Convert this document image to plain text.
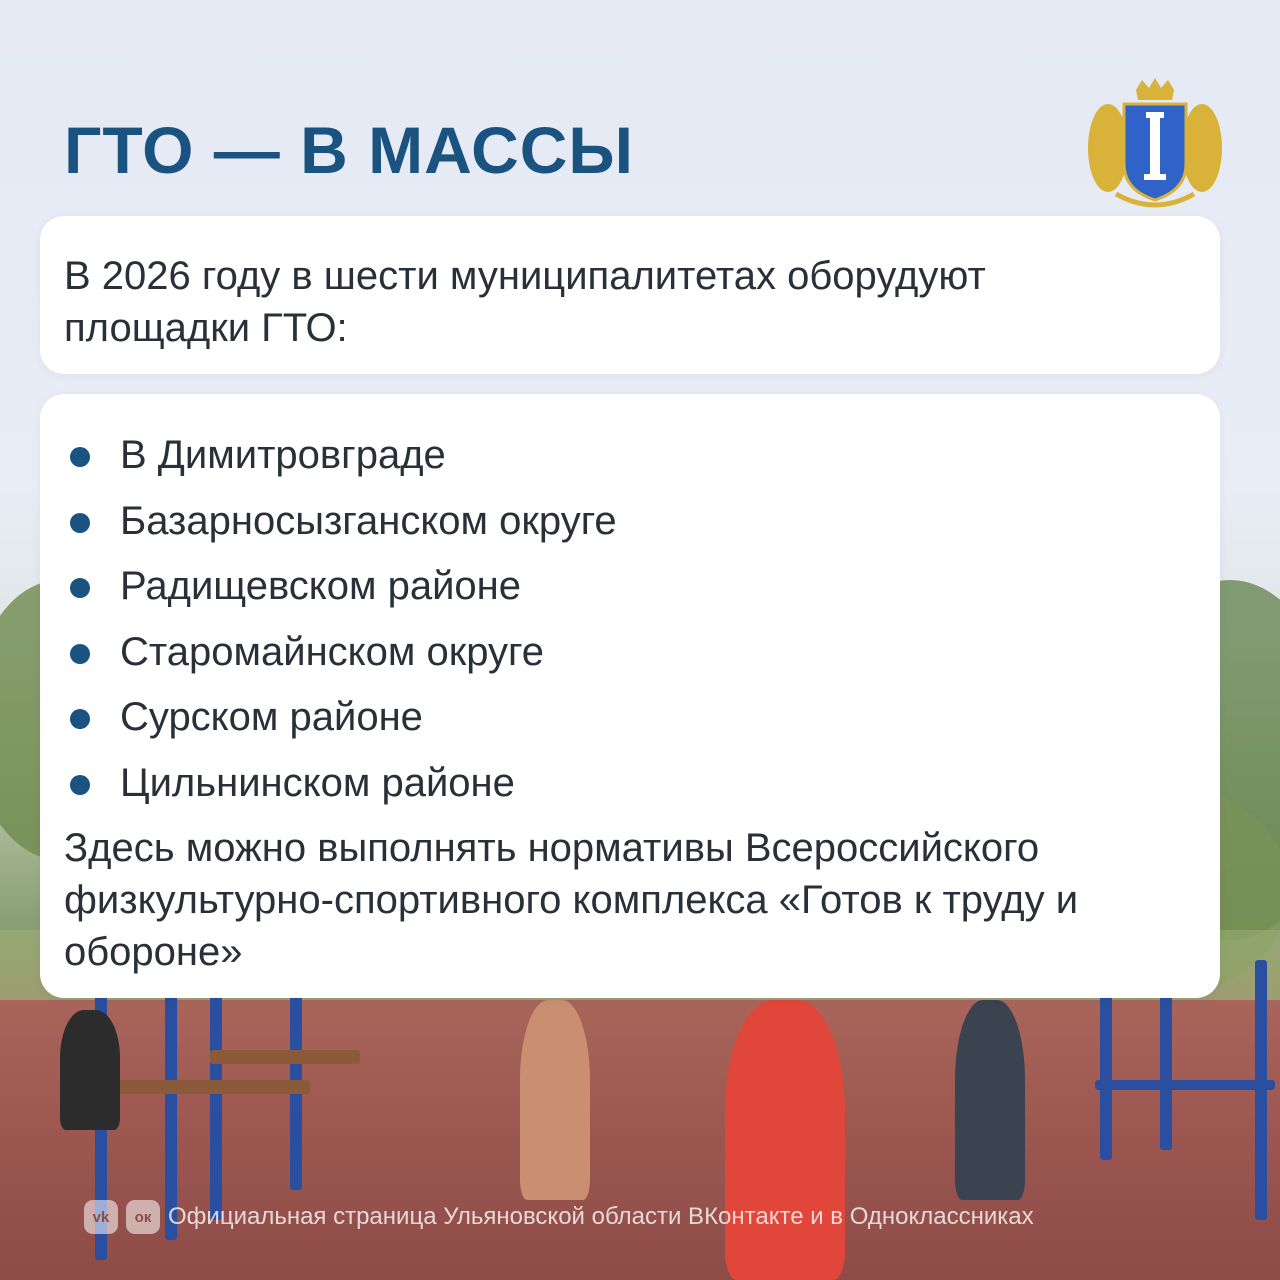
ГТО — В МАССЫ

В 2026 году в шести муниципалитетах оборудуют площадки ГТО:

В Димитровграде
Базарносызганском округе
Радищевском районе
Старомайнском округе
Сурском районе
Цильнинском районе

Здесь можно выполнять нормативы Всероссийского физкультурно-спортивного комплекса «Готов к труду и обороне»

vk	ок Официальная страница Ульяновской области ВКонтакте и в Одноклассниках
